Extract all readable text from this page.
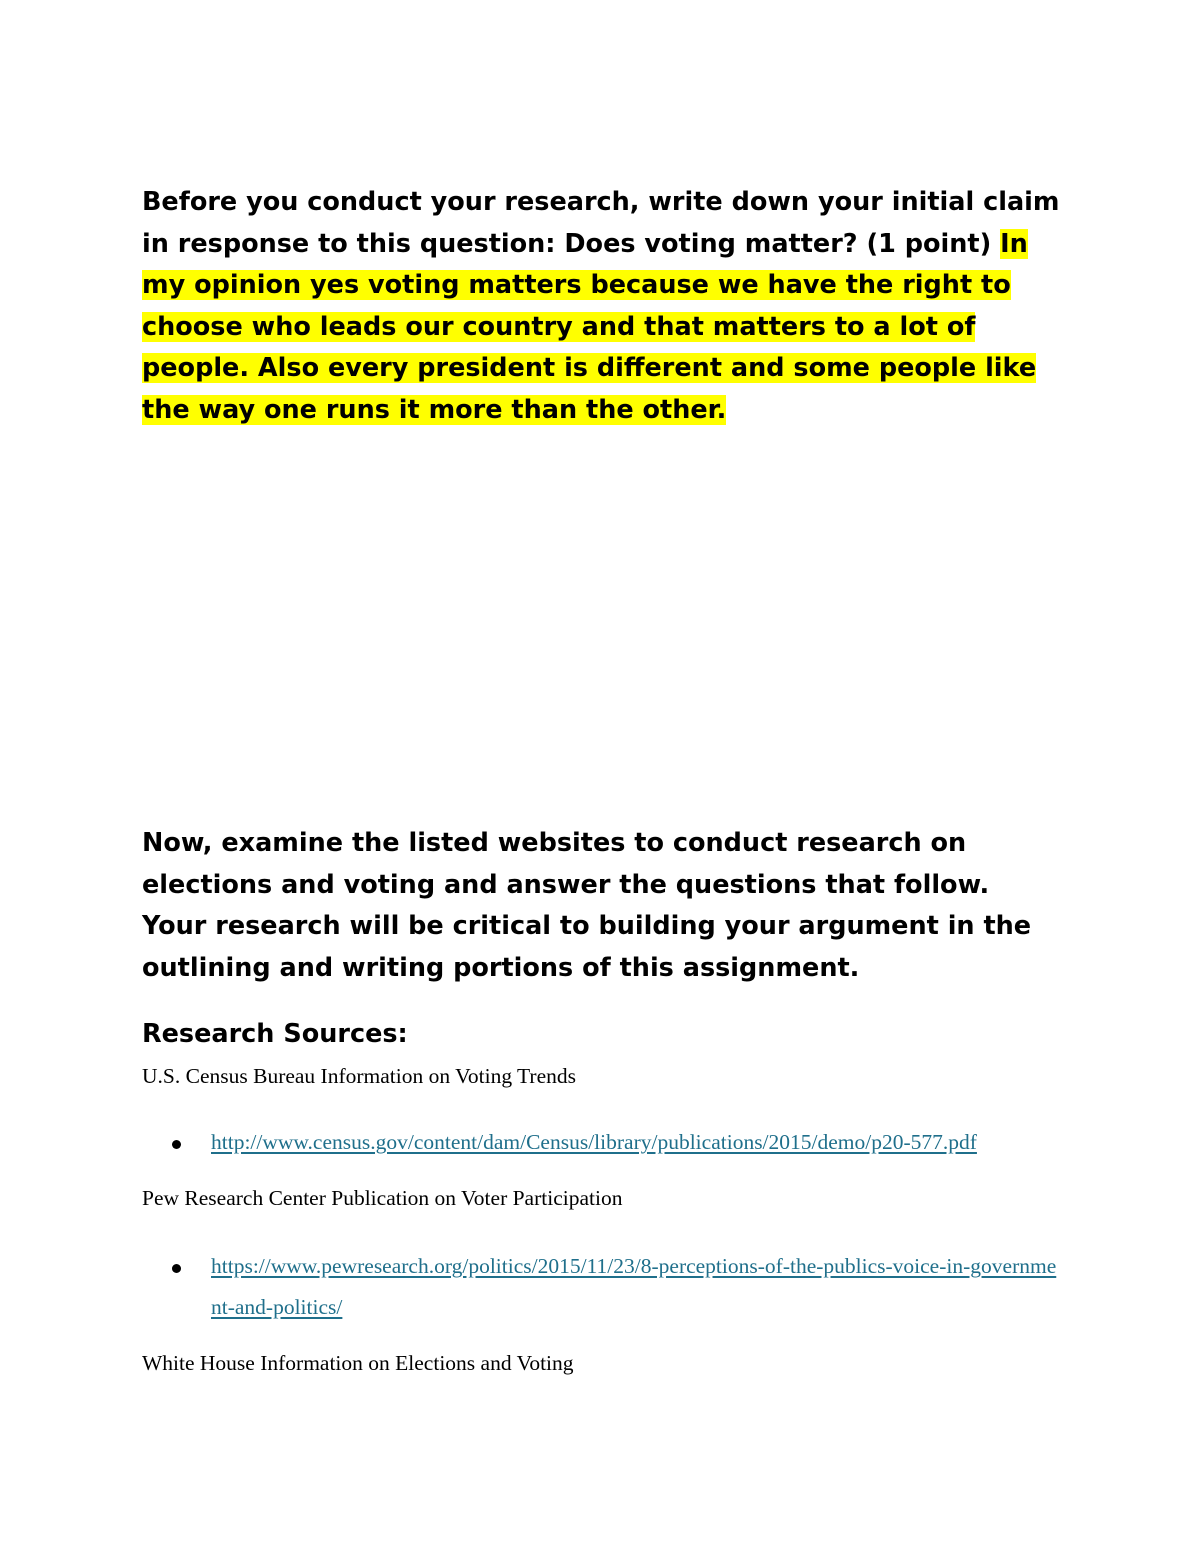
Before you conduct your research, write down your initial claim in response to this question: Does voting matter? (1 point) In my opinion yes voting matters because we have the right to choose who leads our country and that matters to a lot of people. Also every president is different and some people like the way one runs it more than the other.

Now, examine the listed websites to conduct research on elections and voting and answer the questions that follow. Your research will be critical to building your argument in the outlining and writing portions of this assignment.

Research Sources:

U.S. Census Bureau Information on Voting Trends

http://www.census.gov/content/dam/Census/library/publications/2015/demo/p20-577.pdf

Pew Research Center Publication on Voter Participation

https://www.pewresearch.org/politics/2015/11/23/8-perceptions-of-the-publics-voice-in-government-and-politics/

White House Information on Elections and Voting
